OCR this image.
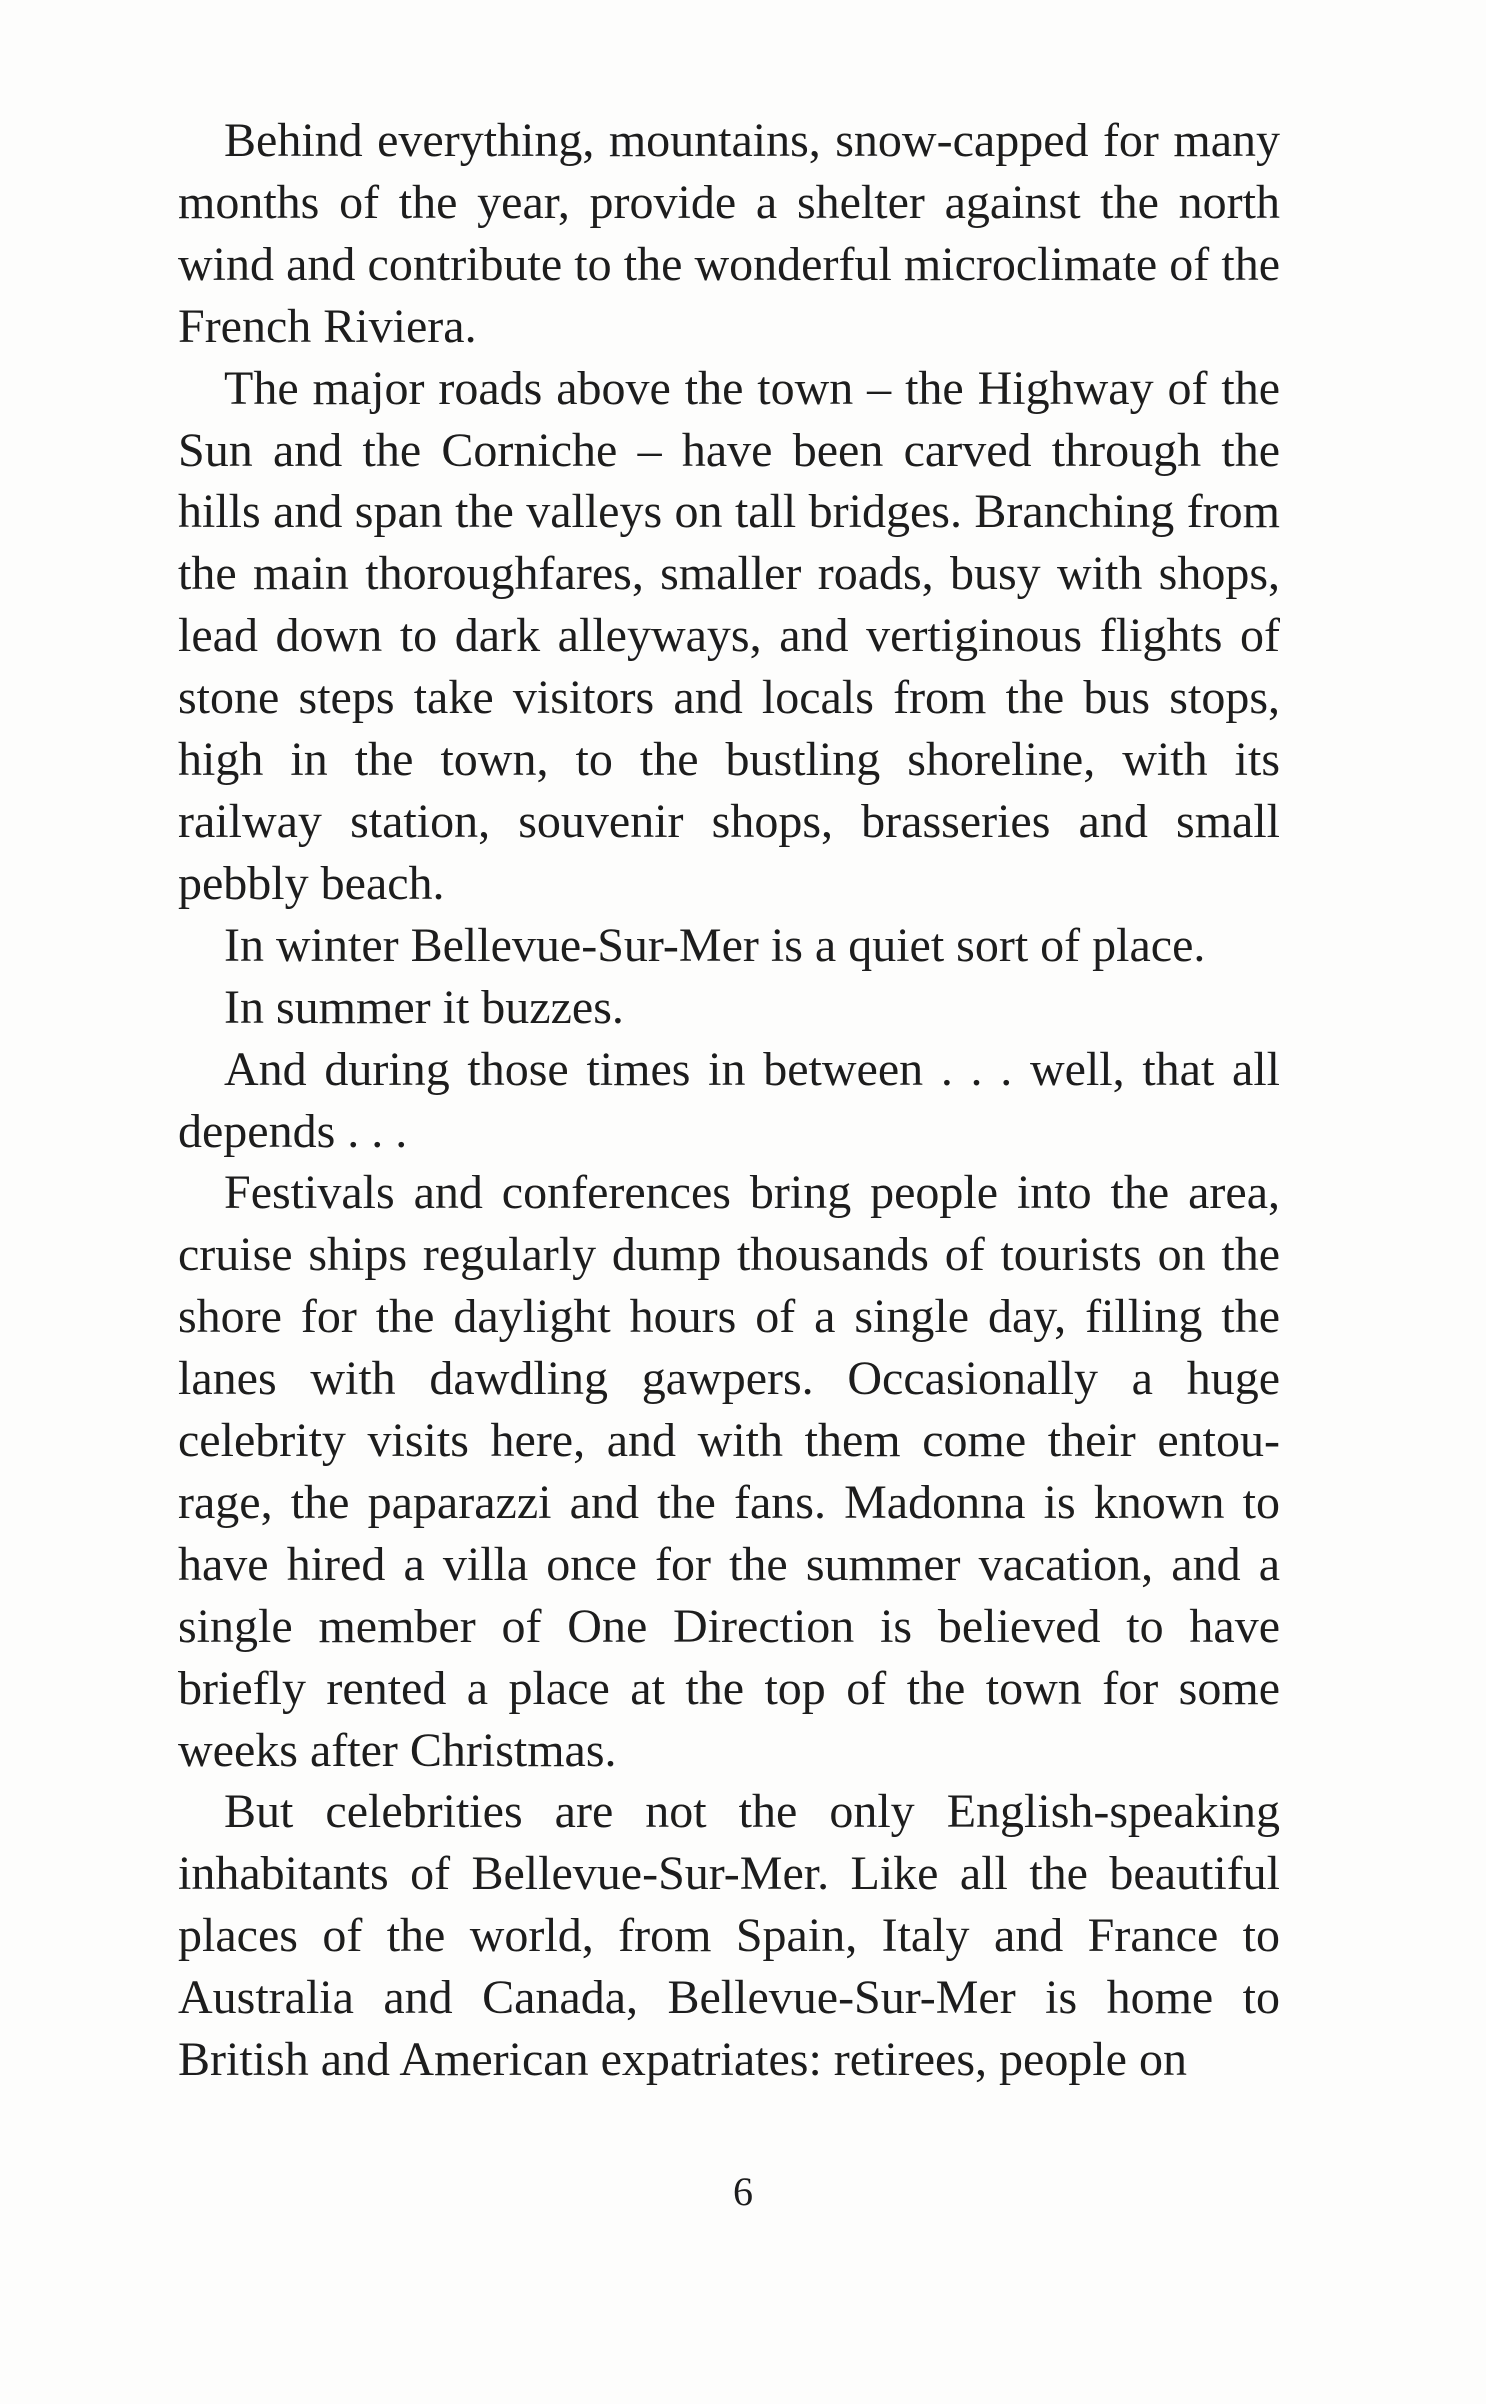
Behind everything, mountains, snow-capped for many months of the year, provide a shelter against the north wind and contribute to the wonderful microclimate of the French Riviera.

The major roads above the town – the Highway of the Sun and the Corniche – have been carved through the hills and span the valleys on tall bridges. Branching from the main thoroughfares, smaller roads, busy with shops, lead down to dark alleyways, and vertiginous flights of stone steps take visitors and locals from the bus stops, high in the town, to the bustling shoreline, with its railway station, souvenir shops, brasseries and small pebbly beach.

In winter Bellevue-Sur-Mer is a quiet sort of place.

In summer it buzzes.

And during those times in between . . . well, that all depends . . .

Festivals and conferences bring people into the area, cruise ships regularly dump thousands of tourists on the shore for the daylight hours of a single day, filling the lanes with dawdling gawpers. Occasionally a huge celebrity visits here, and with them come their entourage, the paparazzi and the fans. Madonna is known to have hired a villa once for the summer vacation, and a single member of One Direction is believed to have briefly rented a place at the top of the town for some weeks after Christmas.

But celebrities are not the only English-speaking inhabitants of Bellevue-Sur-Mer. Like all the beautiful places of the world, from Spain, Italy and France to Australia and Canada, Bellevue-Sur-Mer is home to British and American expatriates: retirees, people on

6
